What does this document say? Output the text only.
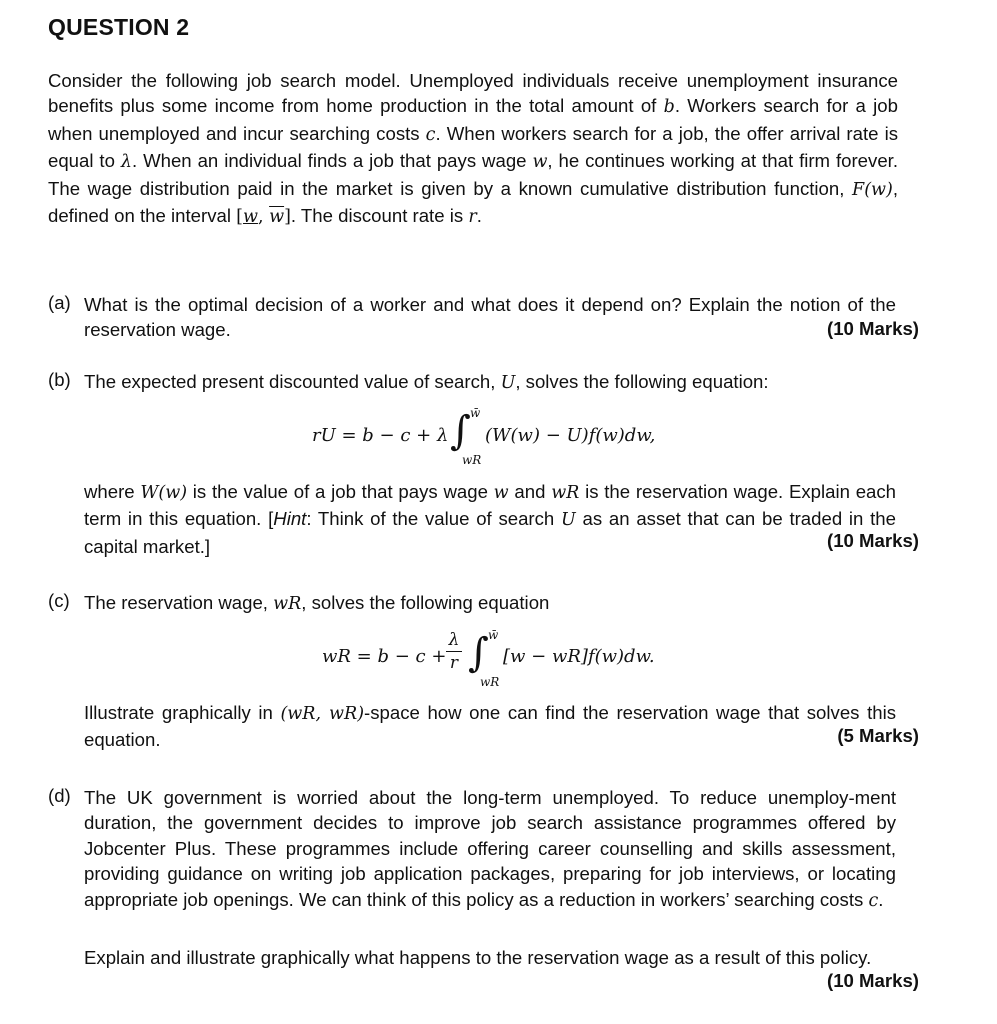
QUESTION 2
Consider the following job search model. Unemployed individuals receive unemployment insurance benefits plus some income from home production in the total amount of b. Workers search for a job when unemployed and incur searching costs c. When workers search for a job, the offer arrival rate is equal to λ. When an individual finds a job that pays wage w, he continues working at that firm forever. The wage distribution paid in the market is given by a known cumulative distribution function, F(w), defined on the interval [w, $\overline{w}$]. The discount rate is r.
(a) What is the optimal decision of a worker and what does it depend on? Explain the notion of the reservation wage.	(10 Marks)
(b) The expected present discounted value of search, U, solves the following equation:
rU = b − c + λ ∫ w̄
wR
(W(w) − U)f(w)dw,
where W(w) is the value of a job that pays wage w and wR is the reservation wage. Explain each term in this equation. [Hint: Think of the value of search U as an asset that can be traded in the capital market.]	(10 Marks)
(c) The reservation wage, wR, solves the following equation
wR = b − c +
λ
r ∫ w̄
wR
[w − wR]f(w)dw.
Illustrate graphically in (wR, wR)-space how one can find the reservation wage that solves this equation.	(5 Marks)
(d) The UK government is worried about the long-term unemployed. To reduce unemploy-ment duration, the government decides to improve job search assistance programmes offered by Jobcenter Plus. These programmes include offering career counselling and skills assessment, providing guidance on writing job application packages, preparing for job interviews, or locating appropriate job openings. We can think of this policy as a reduction in workers’ searching costs c.
Explain and illustrate graphically what happens to the reservation wage as a result of this policy.
(10 Marks)
